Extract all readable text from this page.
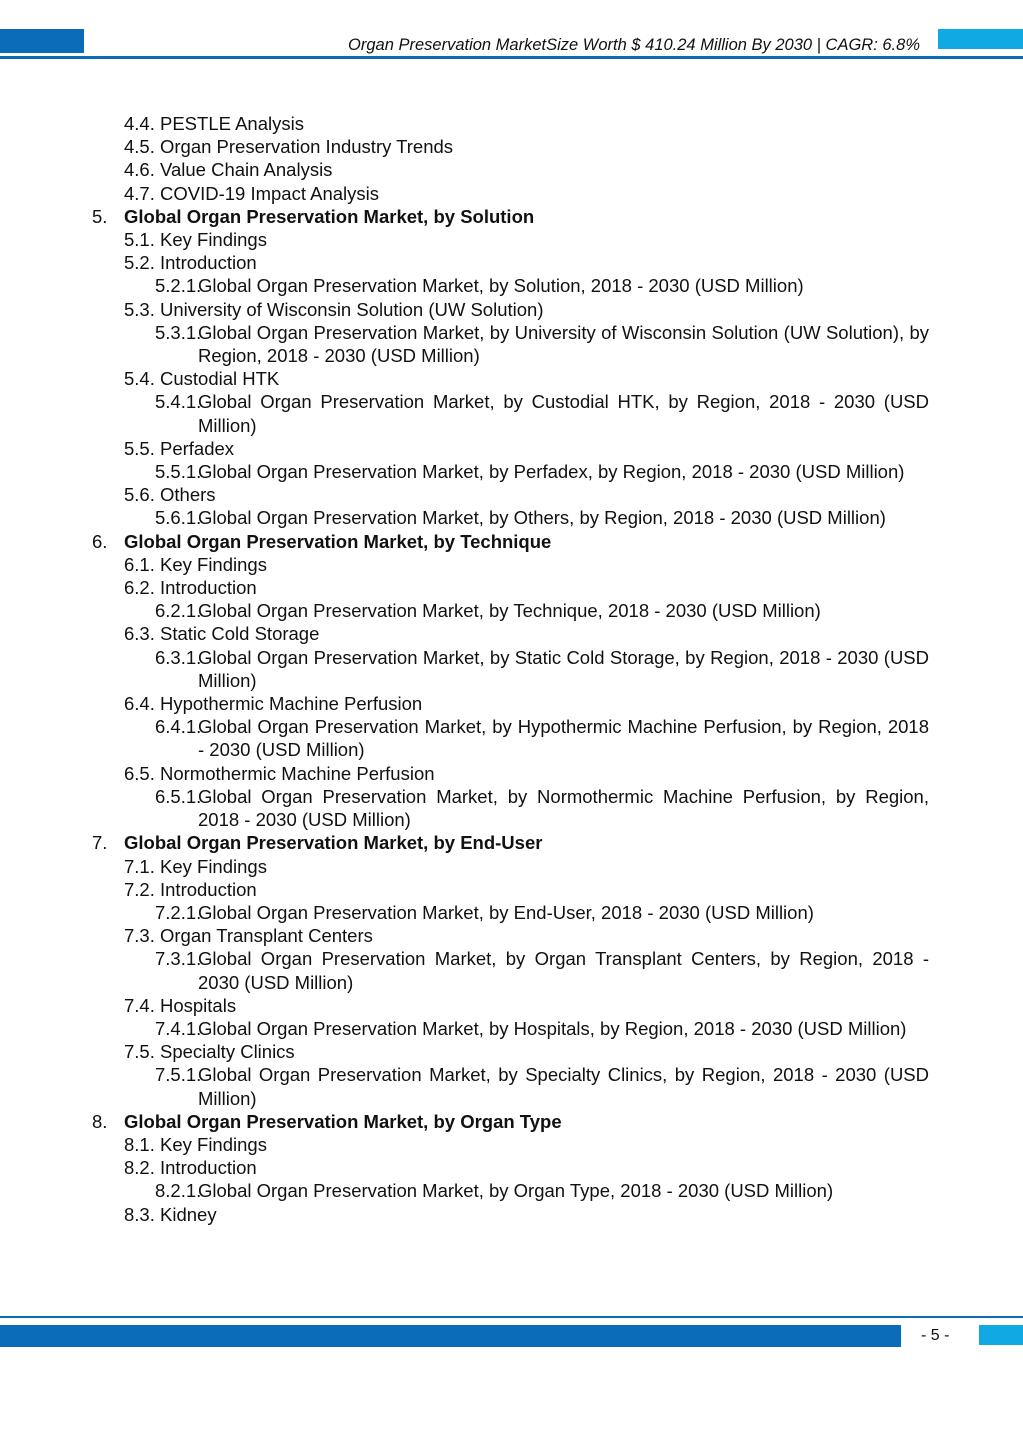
Organ Preservation MarketSize Worth $ 410.24 Million By 2030 | CAGR: 6.8%
4.4. PESTLE Analysis
4.5. Organ Preservation Industry Trends
4.6. Value Chain Analysis
4.7. COVID-19 Impact Analysis
5. Global Organ Preservation Market, by Solution
5.1. Key Findings
5.2. Introduction
5.2.1.
Global Organ Preservation Market, by Solution, 2018 - 2030 (USD Million)
5.3. University of Wisconsin Solution (UW Solution)
5.3.1.
Global Organ Preservation Market, by University of Wisconsin Solution (UW Solution), by Region, 2018 - 2030 (USD Million)
5.4. Custodial HTK
5.4.1.
Global Organ Preservation Market, by Custodial HTK, by Region, 2018 - 2030 (USD Million)
5.5. Perfadex
5.5.1.
Global Organ Preservation Market, by Perfadex, by Region, 2018 - 2030 (USD Million)
5.6. Others
5.6.1.
Global Organ Preservation Market, by Others, by Region, 2018 - 2030 (USD Million)
6. Global Organ Preservation Market, by Technique
6.1. Key Findings
6.2. Introduction
6.2.1.
Global Organ Preservation Market, by Technique, 2018 - 2030 (USD Million)
6.3. Static Cold Storage
6.3.1.
Global Organ Preservation Market, by Static Cold Storage, by Region, 2018 - 2030 (USD Million)
6.4. Hypothermic Machine Perfusion
6.4.1.
Global Organ Preservation Market, by Hypothermic Machine Perfusion, by Region, 2018 - 2030 (USD Million)
6.5. Normothermic Machine Perfusion
6.5.1.
Global Organ Preservation Market, by Normothermic Machine Perfusion, by Region, 2018 - 2030 (USD Million)
7. Global Organ Preservation Market, by End-User
7.1. Key Findings
7.2. Introduction
7.2.1.
Global Organ Preservation Market, by End-User, 2018 - 2030 (USD Million)
7.3. Organ Transplant Centers
7.3.1.
Global Organ Preservation Market, by Organ Transplant Centers, by Region, 2018 - 2030 (USD Million)
7.4. Hospitals
7.4.1.
Global Organ Preservation Market, by Hospitals, by Region, 2018 - 2030 (USD Million)
7.5. Specialty Clinics
7.5.1.
Global Organ Preservation Market, by Specialty Clinics, by Region, 2018 - 2030 (USD Million)
8. Global Organ Preservation Market, by Organ Type
8.1. Key Findings
8.2. Introduction
8.2.1.
Global Organ Preservation Market, by Organ Type, 2018 - 2030 (USD Million)
8.3. Kidney
- 5 -
